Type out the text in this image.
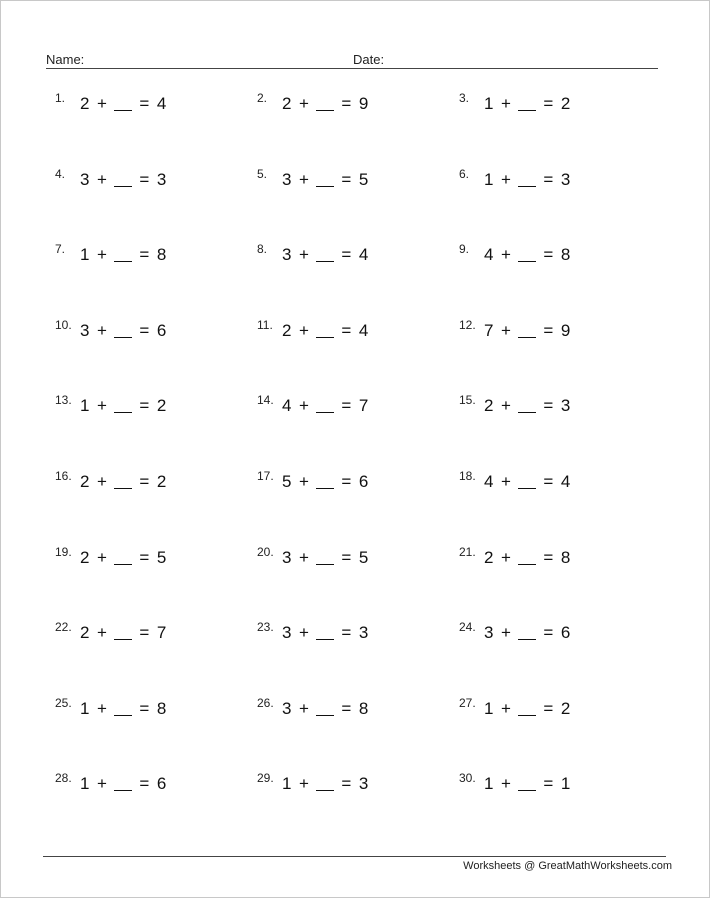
Name:	Date:
1. 2 + = 4	2. 2 + = 9	3. 1 + = 2
4. 3 + = 3	5. 3 + = 5	6. 1 + = 3
7. 1 + = 8	8. 3 + = 4	9. 4 + = 8
10. 3 + = 6	11. 2 + = 4	12. 7 + = 9
13. 1 + = 2	14. 4 + = 7	15. 2 + = 3
16. 2 + = 2	17. 5 + = 6	18. 4 + = 4
19. 2 + = 5	20. 3 + = 5	21. 2 + = 8
22. 2 + = 7	23. 3 + = 3	24. 3 + = 6
25. 1 + = 8	26. 3 + = 8	27. 1 + = 2
28. 1 + = 6	29. 1 + = 3	30. 1 + = 1
Worksheets @ GreatMathWorksheets.com
